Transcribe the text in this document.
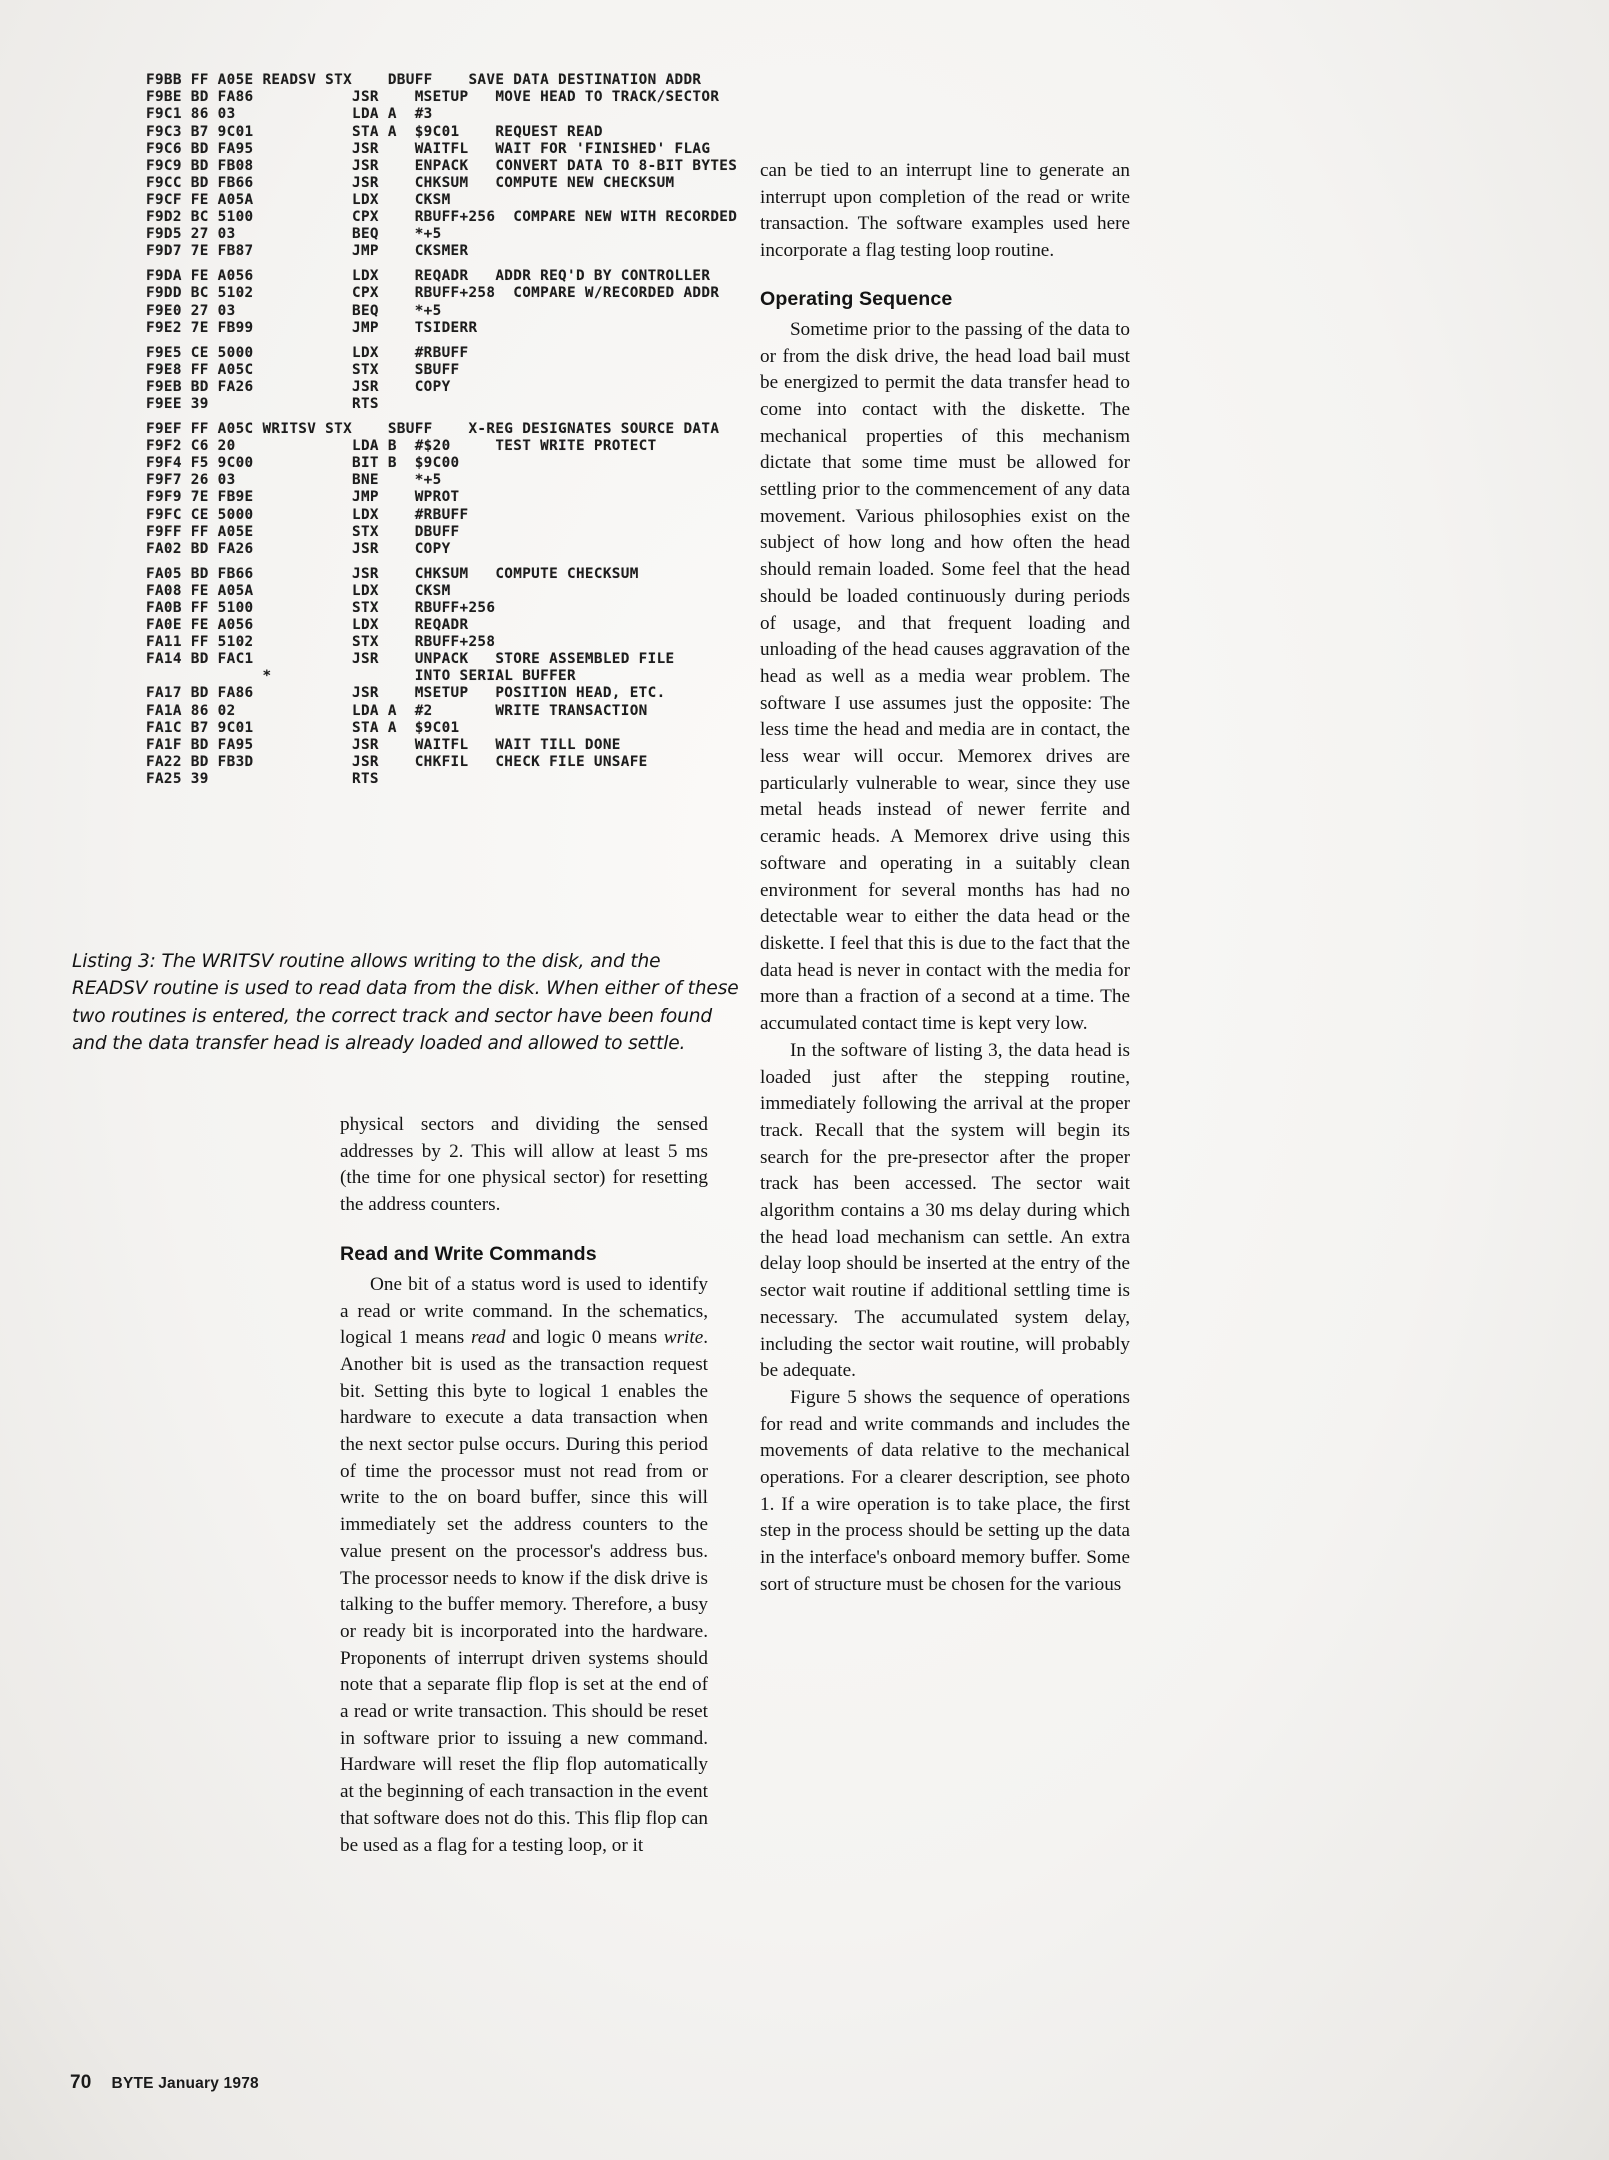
F9BB FF A05E READSV STX    DBUFF    SAVE DATA DESTINATION ADDR
F9BE BD FA86           JSR    MSETUP   MOVE HEAD TO TRACK/SECTOR
F9C1 86 03             LDA A  #3
F9C3 B7 9C01           STA A  $9C01    REQUEST READ
F9C6 BD FA95           JSR    WAITFL   WAIT FOR 'FINISHED' FLAG
F9C9 BD FB08           JSR    ENPACK   CONVERT DATA TO 8-BIT BYTES
F9CC BD FB66           JSR    CHKSUM   COMPUTE NEW CHECKSUM
F9CF FE A05A           LDX    CKSM
F9D2 BC 5100           CPX    RBUFF+256  COMPARE NEW WITH RECORDED
F9D5 27 03             BEQ    *+5
F9D7 7E FB87           JMP    CKSMER
F9DA FE A056           LDX    REQADR   ADDR REQ'D BY CONTROLLER
F9DD BC 5102           CPX    RBUFF+258  COMPARE W/RECORDED ADDR
F9E0 27 03             BEQ    *+5
F9E2 7E FB99           JMP    TSIDERR
F9E5 CE 5000           LDX    #RBUFF
F9E8 FF A05C           STX    SBUFF
F9EB BD FA26           JSR    COPY
F9EE 39                RTS
F9EF FF A05C WRITSV STX    SBUFF    X-REG DESIGNATES SOURCE DATA
F9F2 C6 20             LDA B  #$20     TEST WRITE PROTECT
F9F4 F5 9C00           BIT B  $9C00
F9F7 26 03             BNE    *+5
F9F9 7E FB9E           JMP    WPROT
F9FC CE 5000           LDX    #RBUFF
F9FF FF A05E           STX    DBUFF
FA02 BD FA26           JSR    COPY
FA05 BD FB66           JSR    CHKSUM   COMPUTE CHECKSUM
FA08 FE A05A           LDX    CKSM
FA0B FF 5100           STX    RBUFF+256
FA0E FE A056           LDX    REQADR
FA11 FF 5102           STX    RBUFF+258
FA14 BD FAC1           JSR    UNPACK   STORE ASSEMBLED FILE
*                INTO SERIAL BUFFER
FA17 BD FA86           JSR    MSETUP   POSITION HEAD, ETC.
FA1A 86 02             LDA A  #2       WRITE TRANSACTION
FA1C B7 9C01           STA A  $9C01
FA1F BD FA95           JSR    WAITFL   WAIT TILL DONE
FA22 BD FB3D           JSR    CHKFIL   CHECK FILE UNSAFE
FA25 39                RTS
Listing 3: The WRITSV routine allows writing to the disk, and the READSV routine is used to read data from the disk. When either of these two routines is entered, the correct track and sector have been found and the data transfer head is already loaded and allowed to settle.

physical sectors and dividing the sensed addresses by 2. This will allow at least 5 ms (the time for one physical sector) for resetting the address counters.

Read and Write Commands

One bit of a status word is used to identify a read or write command. In the schematics, logical 1 means read and logic 0 means write. Another bit is used as the transaction request bit. Setting this byte to logical 1 enables the hardware to execute a data transaction when the next sector pulse occurs. During this period of time the processor must not read from or write to the on board buffer, since this will immediately set the address counters to the value present on the processor's address bus. The processor needs to know if the disk drive is talking to the buffer memory. Therefore, a busy or ready bit is incorporated into the hardware. Proponents of interrupt driven systems should note that a separate flip flop is set at the end of a read or write transaction. This should be reset in software prior to issuing a new command. Hardware will reset the flip flop automatically at the beginning of each transaction in the event that software does not do this. This flip flop can be used as a flag for a testing loop, or it

can be tied to an interrupt line to generate an interrupt upon completion of the read or write transaction. The software examples used here incorporate a flag testing loop routine.

Operating Sequence

Sometime prior to the passing of the data to or from the disk drive, the head load bail must be energized to permit the data transfer head to come into contact with the diskette. The mechanical properties of this mechanism dictate that some time must be allowed for settling prior to the commencement of any data movement. Various philosophies exist on the subject of how long and how often the head should remain loaded. Some feel that the head should be loaded continuously during periods of usage, and that frequent loading and unloading of the head causes aggravation of the head as well as a media wear problem. The software I use assumes just the opposite: The less time the head and media are in contact, the less wear will occur. Memorex drives are particularly vulnerable to wear, since they use metal heads instead of newer ferrite and ceramic heads. A Memorex drive using this software and operating in a suitably clean environment for several months has had no detectable wear to either the data head or the diskette. I feel that this is due to the fact that the data head is never in contact with the media for more than a fraction of a second at a time. The accumulated contact time is kept very low.

In the software of listing 3, the data head is loaded just after the stepping routine, immediately following the arrival at the proper track. Recall that the system will begin its search for the pre-presector after the proper track has been accessed. The sector wait algorithm contains a 30 ms delay during which the head load mechanism can settle. An extra delay loop should be inserted at the entry of the sector wait routine if additional settling time is necessary. The accumulated system delay, including the sector wait routine, will probably be adequate.

Figure 5 shows the sequence of operations for read and write commands and includes the movements of data relative to the mechanical operations. For a clearer description, see photo 1. If a wire operation is to take place, the first step in the process should be setting up the data in the interface's onboard memory buffer. Some sort of structure must be chosen for the various

70 BYTE January 1978
